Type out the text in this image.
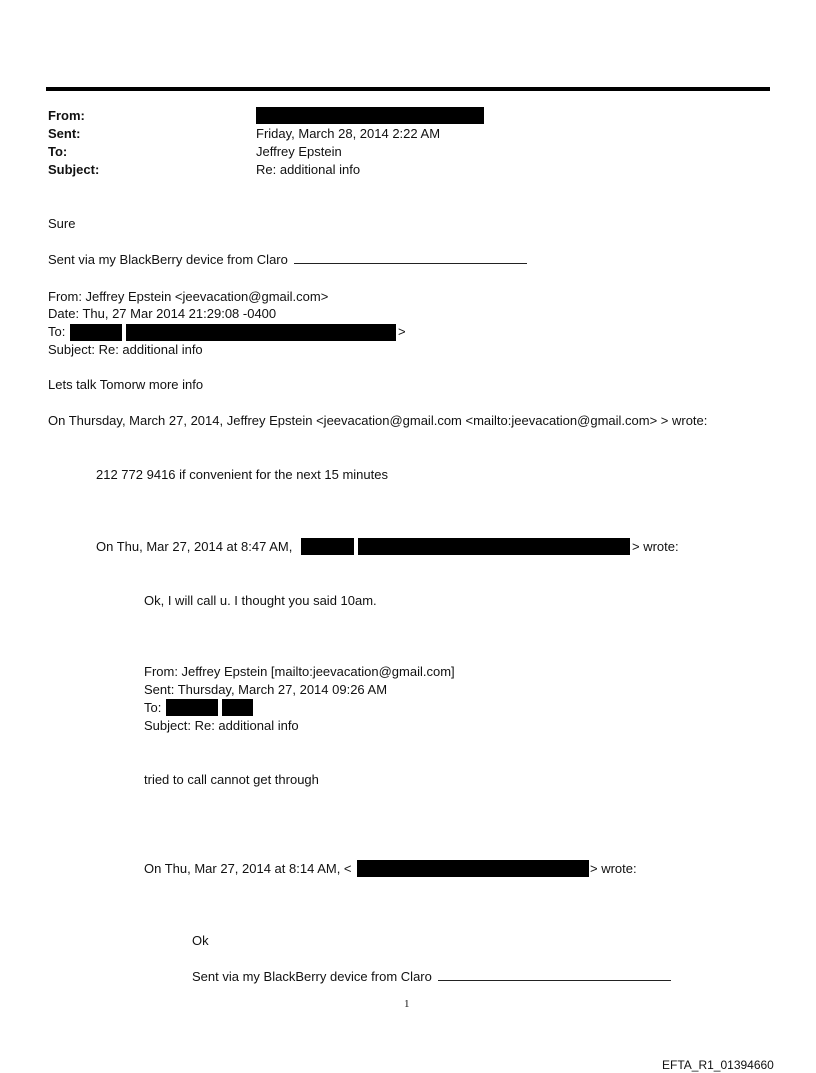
From:
Sent:	Friday, March 28, 2014 2:22 AM
To:	Jeffrey Epstein
Subject:	Re: additional info
Sure
Sent via my BlackBerry device from Claro
From: Jeffrey Epstein <jeevacation@gmail.com>
Date: Thu, 27 Mar 2014 21:29:08 -0400
To:	>
Subject: Re: additional info
Lets talk Tomorw more info
On Thursday, March 27, 2014, Jeffrey Epstein <jeevacation@gmail.com <mailto:jeevacation@gmail.com> > wrote:
212 772 9416 if convenient for the next 15 minutes
On Thu, Mar 27, 2014 at 8:47 AM,	> wrote:
Ok, I will call u. I thought you said 10am.
From: Jeffrey Epstein [mailto:jeevacation@gmail.com]
Sent: Thursday, March 27, 2014 09:26 AM
To:
Subject: Re: additional info
tried to call cannot get through
On Thu, Mar 27, 2014 at 8:14 AM, <	> wrote:
Ok
Sent via my BlackBerry device from Claro
1
EFTA_R1_01394660
